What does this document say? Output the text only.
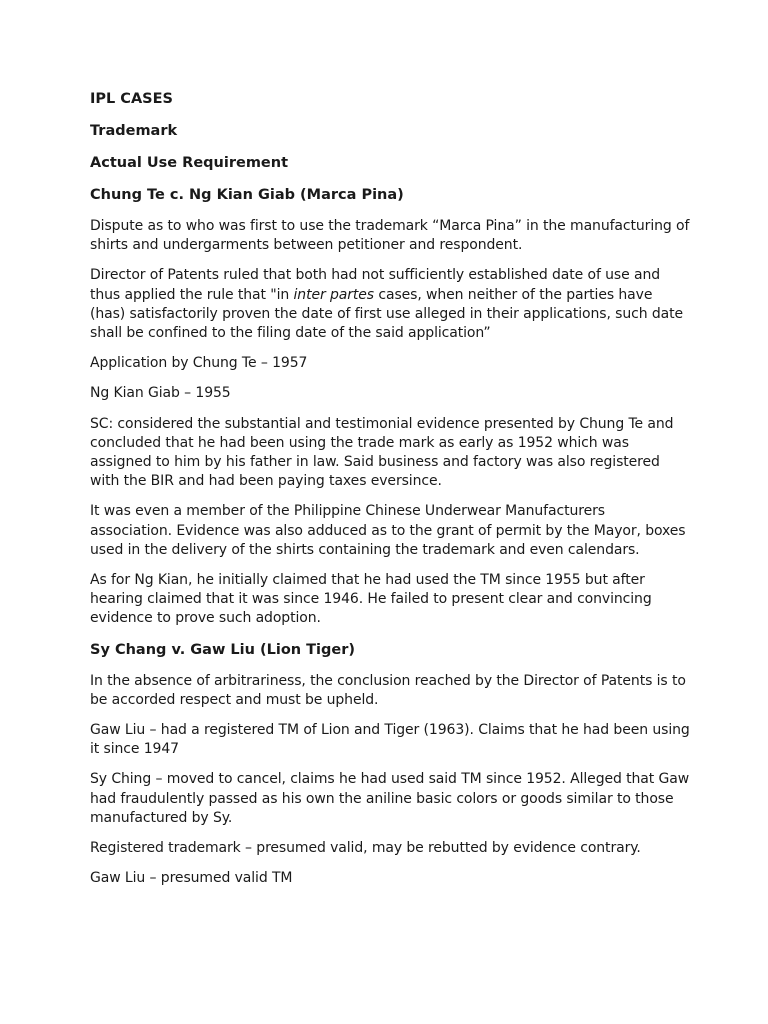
IPL CASES
Trademark
Actual Use Requirement
Chung Te c. Ng Kian Giab (Marca Pina)
Dispute as to who was first to use the trademark “Marca Pina” in the manufacturing of shirts and undergarments between petitioner and respondent.
Director of Patents ruled that both had not sufficiently established date of use and thus applied the rule that "in inter partes cases, when neither of the parties have (has) satisfactorily proven the date of first use alleged in their applications, such date shall be confined to the filing date of the said application”
Application by Chung Te – 1957
Ng Kian Giab – 1955
SC: considered the substantial and testimonial evidence presented by Chung Te and concluded that he had been using the trade mark as early as 1952 which was assigned to him by his father in law. Said business and factory was also registered with the BIR and had been paying taxes eversince.
It was even a member of the Philippine Chinese Underwear Manufacturers association. Evidence was also adduced as to the grant of permit by the Mayor, boxes used in the delivery of the shirts containing the trademark and even calendars.
As for Ng Kian, he initially claimed that he had used the TM since 1955 but after hearing claimed that it was since 1946. He failed to present clear and convincing evidence to prove such adoption.
Sy Chang v. Gaw Liu (Lion Tiger)
In the absence of arbitrariness, the conclusion reached by the Director of Patents is to be accorded respect and must be upheld.
Gaw Liu – had a registered TM of Lion and Tiger (1963). Claims that he had been using it since 1947
Sy Ching – moved to cancel, claims he had used said TM since 1952. Alleged that Gaw had fraudulently passed as his own the aniline basic colors or goods similar to those manufactured by Sy.
Registered trademark – presumed valid, may be rebutted by evidence contrary.
Gaw Liu – presumed valid TM
